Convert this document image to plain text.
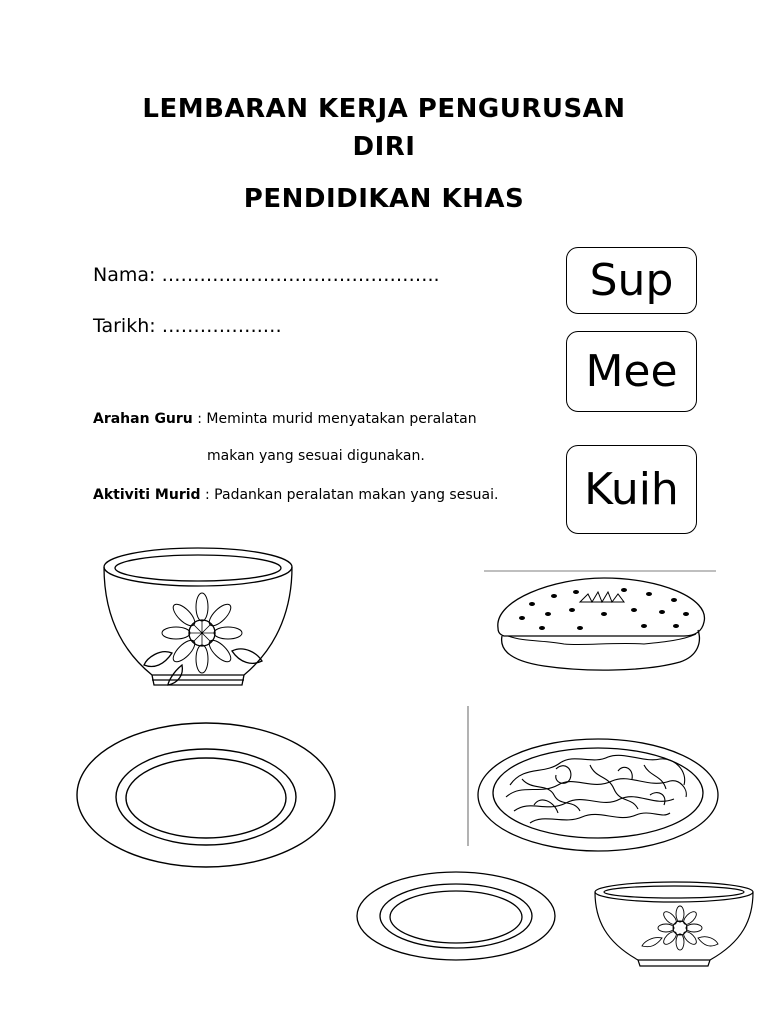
LEMBARAN KERJA PENGURUSAN
DIRI
PENDIDIKAN KHAS
Nama: ……………………………………..
Tarikh: …………….…
Arahan Guru : Meminta murid menyatakan peralatan
makan yang sesuai digunakan.
Aktiviti Murid : Padankan peralatan makan yang sesuai.
Sup
Mee
Kuih
